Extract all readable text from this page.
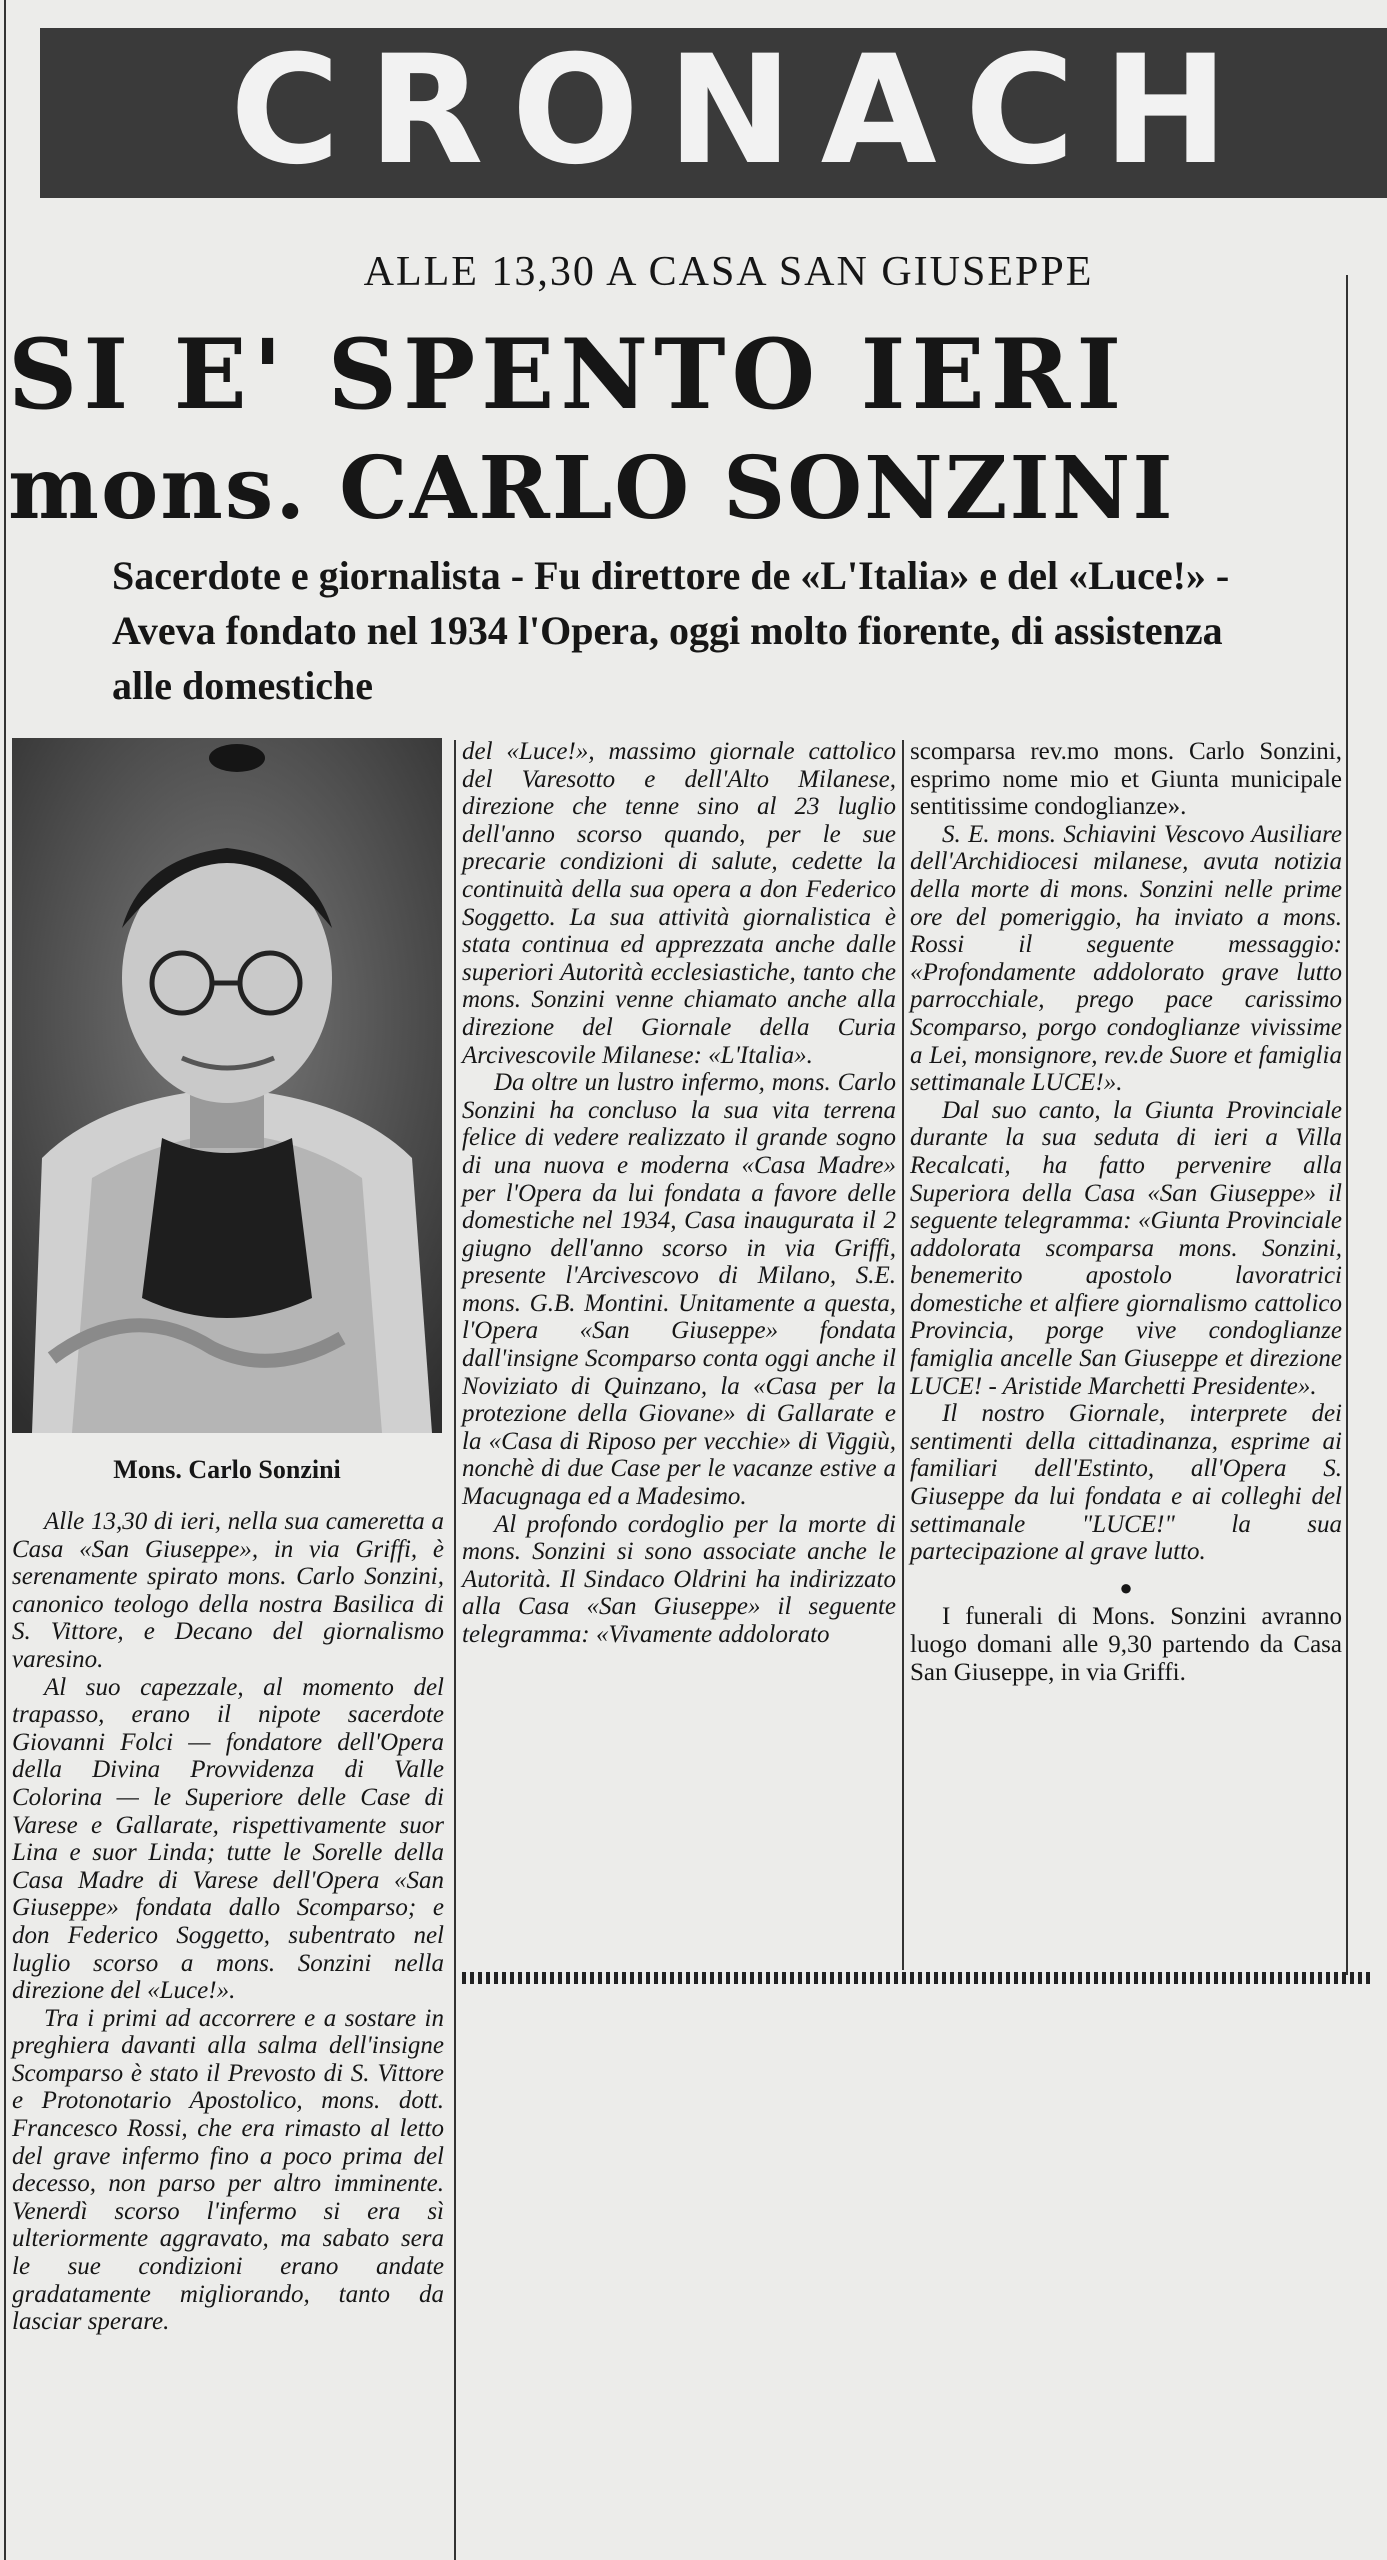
CRONACH
ALLE 13,30 A CASA SAN GIUSEPPE
SI E' SPENTO IERI
mons. CARLO SONZINI
Sacerdote e giornalista - Fu direttore de «L'Italia» e del «Luce!» - Aveva fondato nel 1934 l'Opera, oggi molto fiorente, di assistenza alle domestiche
Mons. Carlo Sonzini

Alle 13,30 di ieri, nella sua cameretta a Casa «San Giuseppe», in via Griffi, è serenamente spirato mons. Carlo Sonzini, canonico teologo della nostra Basilica di S. Vittore, e Decano del giornalismo varesino.

Al suo capezzale, al momento del trapasso, erano il nipote sacerdote Giovanni Folci — fondatore dell'Opera della Divina Provvidenza di Valle Colorina — le Superiore delle Case di Varese e Gallarate, rispettivamente suor Lina e suor Linda; tutte le Sorelle della Casa Madre di Varese dell'Opera «San Giuseppe» fondata dallo Scomparso; e don Federico Soggetto, subentrato nel luglio scorso a mons. Sonzini nella direzione del «Luce!».

Tra i primi ad accorrere e a sostare in preghiera davanti alla salma dell'insigne Scomparso è stato il Prevosto di S. Vittore e Protonotario Apostolico, mons. dott. Francesco Rossi, che era rimasto al letto del grave infermo fino a poco prima del decesso, non parso per altro imminente. Venerdì scorso l'infermo si era sì ulteriormente aggravato, ma sabato sera le sue condizioni erano andate gradatamente migliorando, tanto da lasciar sperare.

del «Luce!», massimo giornale cattolico del Varesotto e dell'Alto Milanese, direzione che tenne sino al 23 luglio dell'anno scorso quando, per le sue precarie condizioni di salute, cedette la continuità della sua opera a don Federico Soggetto. La sua attività giornalistica è stata continua ed apprezzata anche dalle superiori Autorità ecclesiastiche, tanto che mons. Sonzini venne chiamato anche alla direzione del Giornale della Curia Arcivescovile Milanese: «L'Italia».

Da oltre un lustro infermo, mons. Carlo Sonzini ha concluso la sua vita terrena felice di vedere realizzato il grande sogno di una nuova e moderna «Casa Madre» per l'Opera da lui fondata a favore delle domestiche nel 1934, Casa inaugurata il 2 giugno dell'anno scorso in via Griffi, presente l'Arcivescovo di Milano, S.E. mons. G.B. Montini. Unitamente a questa, l'Opera «San Giuseppe» fondata dall'insigne Scomparso conta oggi anche il Noviziato di Quinzano, la «Casa per la protezione della Giovane» di Gallarate e la «Casa di Riposo per vecchie» di Viggiù, nonchè di due Case per le vacanze estive a Macugnaga ed a Madesimo.

Al profondo cordoglio per la morte di mons. Sonzini si sono associate anche le Autorità. Il Sindaco Oldrini ha indirizzato alla Casa «San Giuseppe» il seguente telegramma: «Vivamente addolorato

scomparsa rev.mo mons. Carlo Sonzini, esprimo nome mio et Giunta municipale sentitissime condoglianze».

S. E. mons. Schiavini Vescovo Ausiliare dell'Archidiocesi milanese, avuta notizia della morte di mons. Sonzini nelle prime ore del pomeriggio, ha inviato a mons. Rossi il seguente messaggio: «Profondamente addolorato grave lutto parrocchiale, prego pace carissimo Scomparso, porgo condoglianze vivissime a Lei, monsignore, rev.de Suore et famiglia settimanale LUCE!».

Dal suo canto, la Giunta Provinciale durante la sua seduta di ieri a Villa Recalcati, ha fatto pervenire alla Superiora della Casa «San Giuseppe» il seguente telegramma: «Giunta Provinciale addolorata scomparsa mons. Sonzini, benemerito apostolo lavoratrici domestiche et alfiere giornalismo cattolico Provincia, porge vive condoglianze famiglia ancelle San Giuseppe et direzione LUCE! - Aristide Marchetti Presidente».

Il nostro Giornale, interprete dei sentimenti della cittadinanza, esprime ai familiari dell'Estinto, all'Opera S. Giuseppe da lui fondata e ai colleghi del settimanale "LUCE!" la sua partecipazione al grave lutto.

●

I funerali di Mons. Sonzini avranno luogo domani alle 9,30 partendo da Casa San Giuseppe, in via Griffi.
